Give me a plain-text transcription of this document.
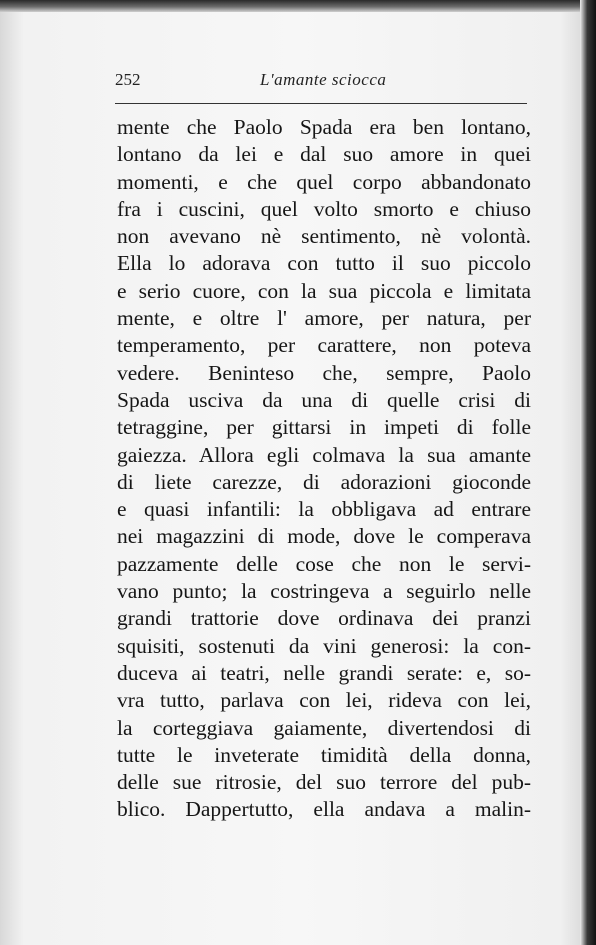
252	L'amante sciocca
mente che Paolo Spada era ben lontano,
lontano da lei e dal suo amore in quei
momenti, e che quel corpo abbandonato
fra i cuscini, quel volto smorto e chiuso
non avevano nè sentimento, nè volontà.
Ella lo adorava con tutto il suo piccolo
e serio cuore, con la sua piccola e limitata
mente, e oltre l' amore, per natura, per
temperamento, per carattere, non poteva
vedere. Beninteso che, sempre, Paolo
Spada usciva da una di quelle crisi di
tetraggine, per gittarsi in impeti di folle
gaiezza. Allora egli colmava la sua amante
di liete carezze, di adorazioni gioconde
e quasi infantili: la obbligava ad entrare
nei magazzini di mode, dove le comperava
pazzamente delle cose che non le servi-
vano punto; la costringeva a seguirlo nelle
grandi trattorie dove ordinava dei pranzi
squisiti, sostenuti da vini generosi: la con-
duceva ai teatri, nelle grandi serate: e, so-
vra tutto, parlava con lei, rideva con lei,
la corteggiava gaiamente, divertendosi di
tutte le inveterate timidità della donna,
delle sue ritrosie, del suo terrore del pub-
blico. Dappertutto, ella andava a malin-
